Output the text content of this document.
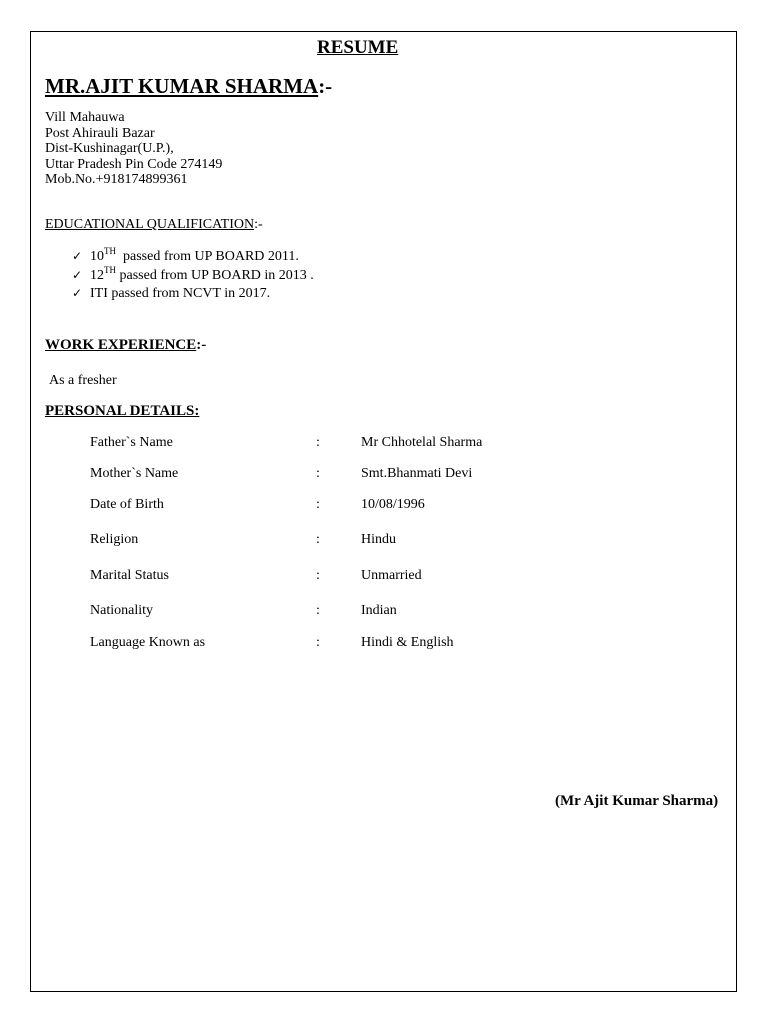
RESUME
MR.AJIT KUMAR SHARMA:-
Vill Mahauwa
Post Ahirauli Bazar
Dist-Kushinagar(U.P.),
Uttar Pradesh Pin Code 274149
Mob.No.+918174899361
EDUCATIONAL QUALIFICATION:-
✓ 10TH  passed from UP BOARD 2011.
✓ 12TH passed from UP BOARD in 2013 .
✓ ITI passed from NCVT in 2017.
WORK EXPERIENCE:-
As a fresher
PERSONAL DETAILS:
Father`s Name	:	Mr Chhotelal Sharma
Mother`s Name	:	Smt.Bhanmati Devi
Date of Birth	:	10/08/1996
Religion	:	Hindu
Marital Status	:	Unmarried
Nationality	:	Indian
Language Known as	:	Hindi & English
(Mr Ajit Kumar Sharma)
